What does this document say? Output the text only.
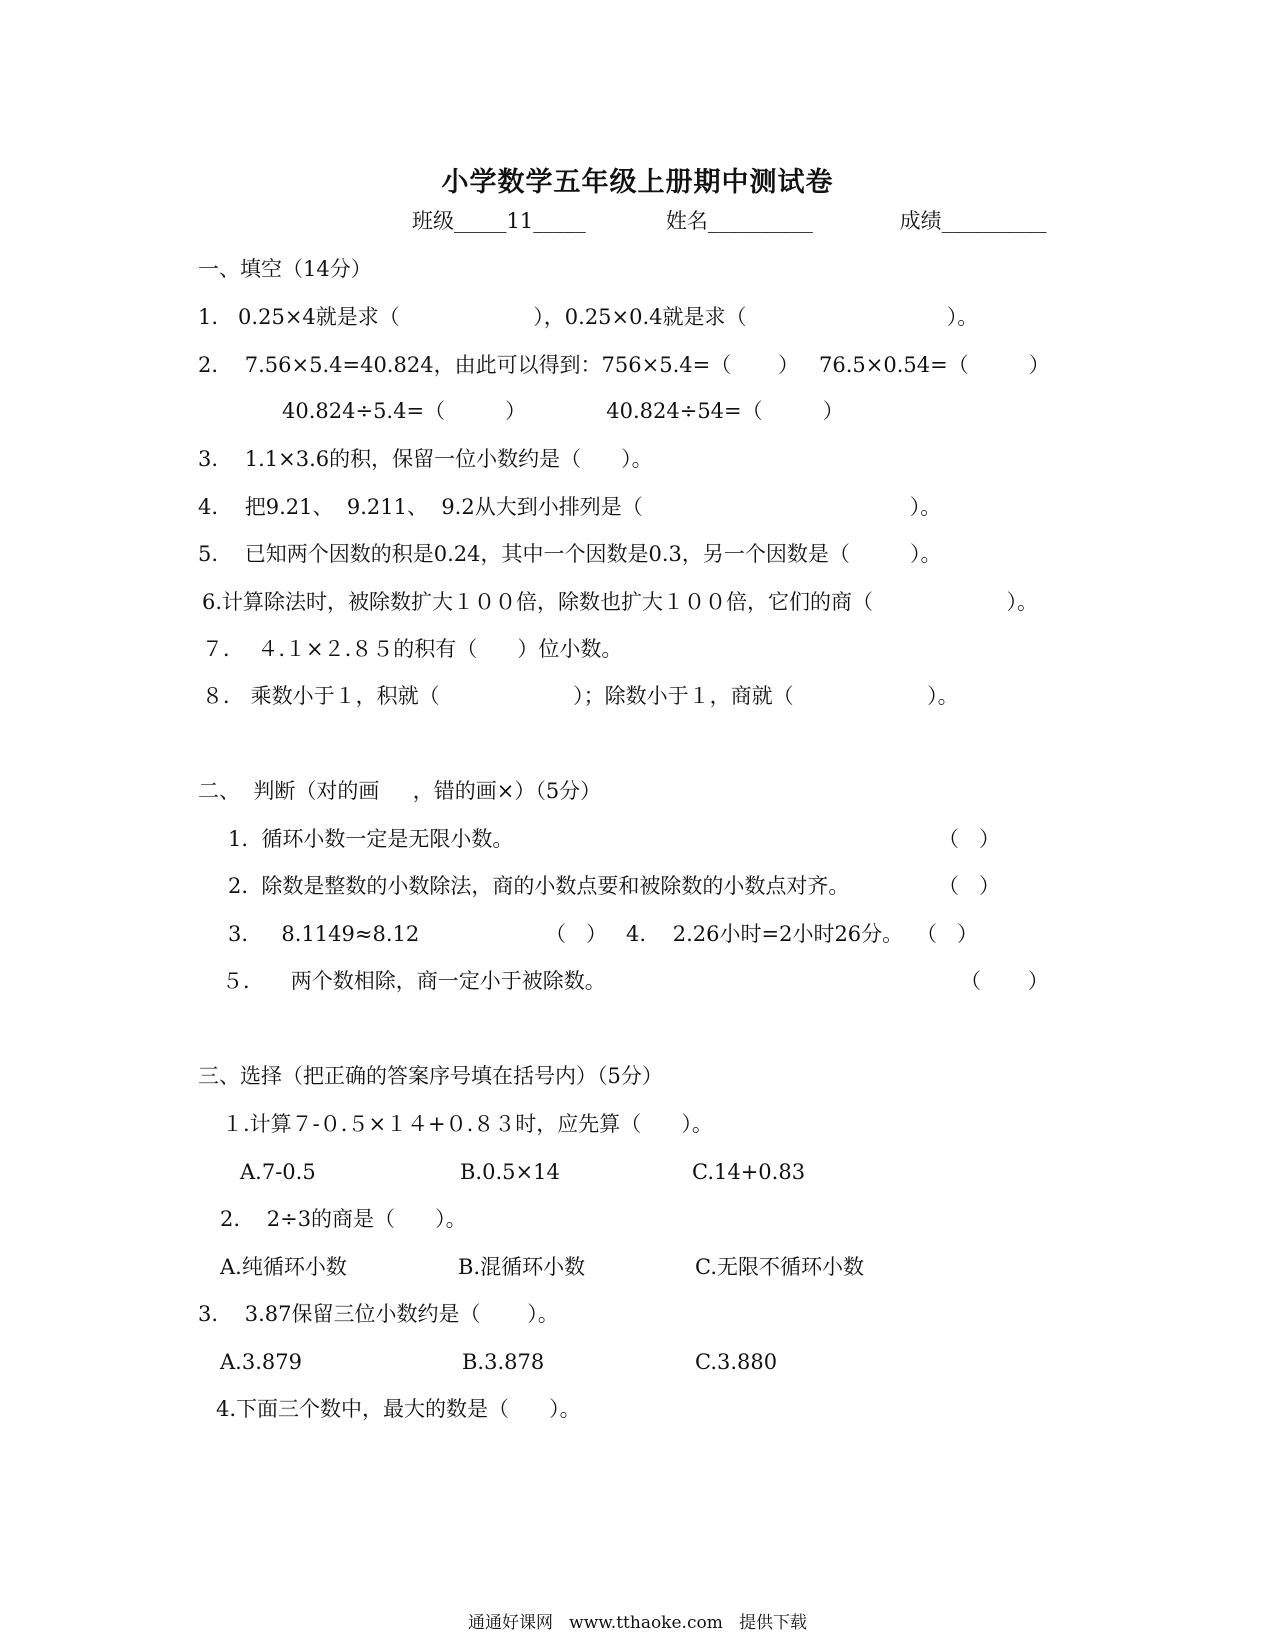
小学数学五年级上册期中测试卷
班级_____11_____            姓名__________             成绩__________
一、填空（14分）
1.   0.25×4就是求（                    ），0.25×0.4就是求（                              ）。
2.    7.56×5.4=40.824，由此可以得到：756×5.4=（       ）   76.5×0.54=（         ）
40.824÷5.4=（         ）            40.824÷54=（         ）
3.    1.1×3.6的积，保留一位小数约是（      ）。
4.    把9.21、  9.211、  9.2从大到小排列是（                                        ）。
5.    已知两个因数的积是0.24，其中一个因数是0.3，另一个因数是（         ）。
6.计算除法时，被除数扩大１００倍，除数也扩大１００倍，它们的商（                    ）。
７．  ４.１×２.８５的积有（      ）位小数。
８． 乘数小于１，积就（                    ）；除数小于１，商就（                    ）。
二、  判断（对的画     ，错的画×）（5分）
1.  循环小数一定是无限小数。	（   ）
2.  除数是整数的小数除法，商的小数点要和被除数的小数点对齐。	（   ）
3.     8.1149≈8.12	（   ） 4.    2.26小时=2小时26分。 （   ）
５．    两个数相除，商一定小于被除数。	（       ）
三、选择（把正确的答案序号填在括号内）（5分）
１.计算７-０.５×１４+０.８３时，应先算（      ）。
A.7-0.5	B.0.5×14	C.14+0.83
2.    2÷3的商是（      ）。
A.纯循环小数	B.混循环小数	C.无限不循环小数
3.    3.87保留三位小数约是（       ）。
A.3.879	B.3.878	C.3.880
4.下面三个数中，最大的数是（      ）。
通通好课网   www.tthaoke.com   提供下载
